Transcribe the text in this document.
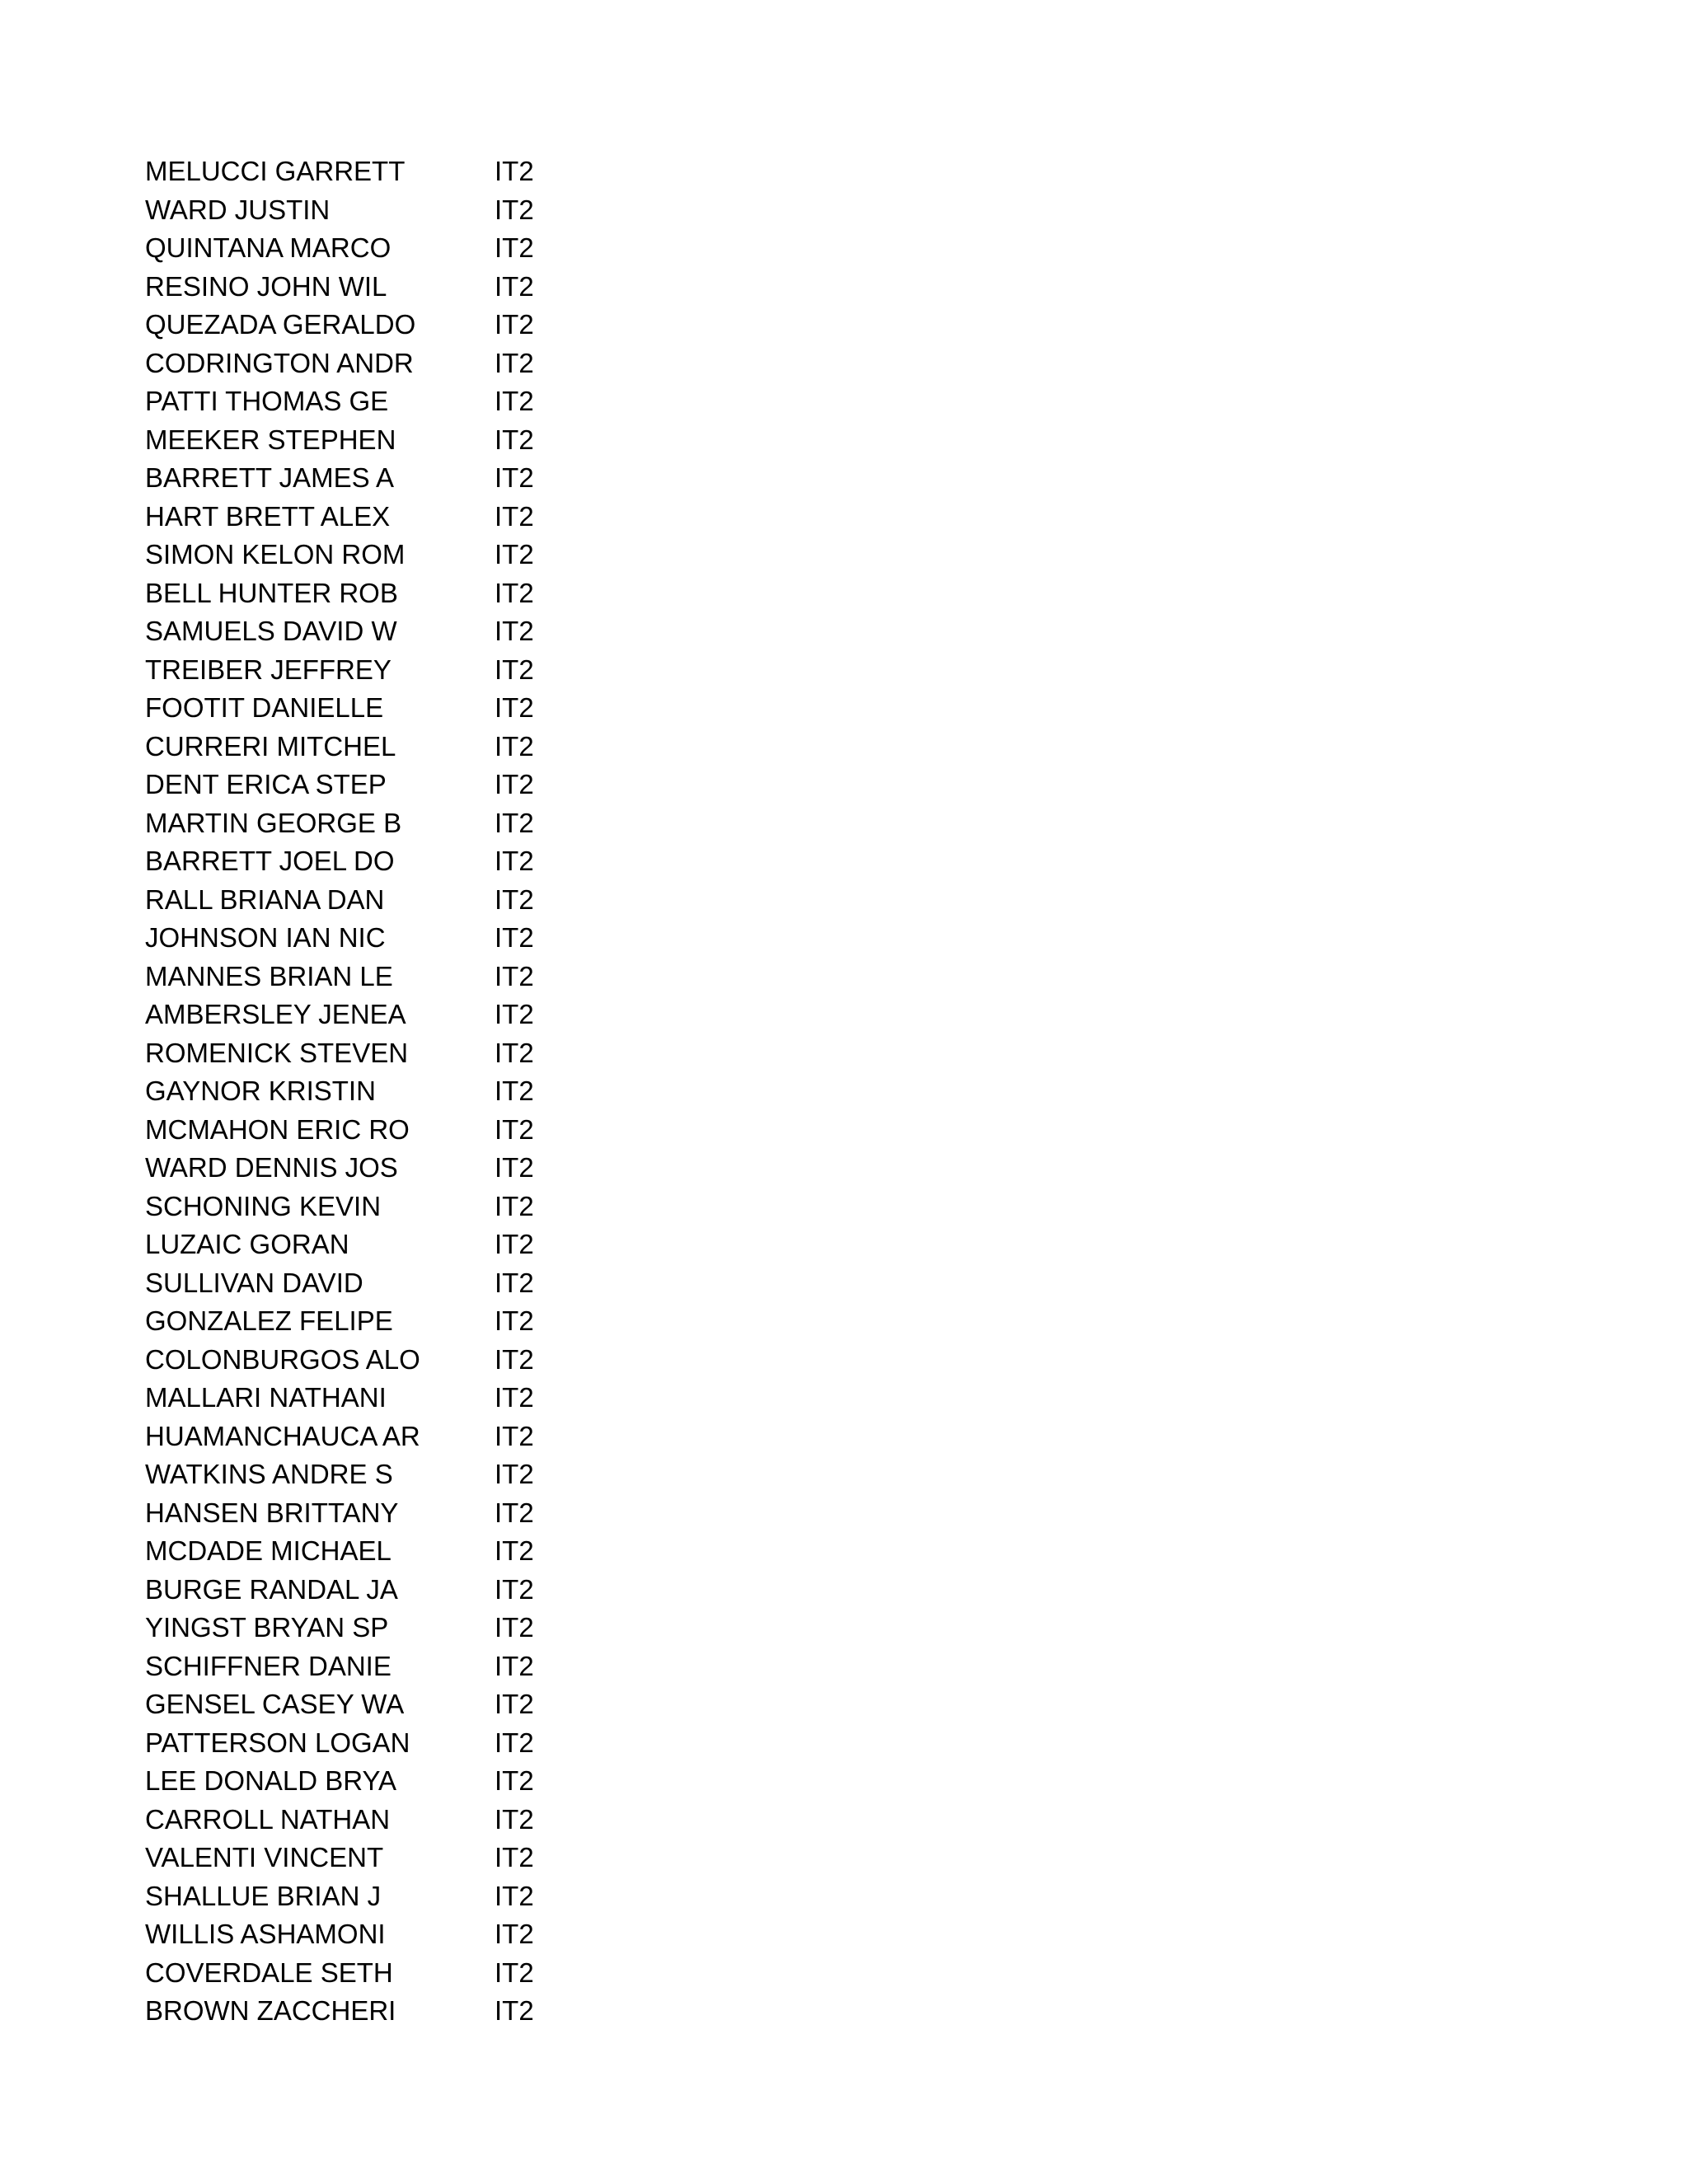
MELUCCI GARRETT	IT2
WARD JUSTIN	IT2
QUINTANA MARCO	IT2
RESINO JOHN WIL	IT2
QUEZADA GERALDO	IT2
CODRINGTON ANDR	IT2
PATTI THOMAS GE	IT2
MEEKER STEPHEN	IT2
BARRETT JAMES A	IT2
HART BRETT ALEX	IT2
SIMON KELON ROM	IT2
BELL HUNTER ROB	IT2
SAMUELS DAVID W	IT2
TREIBER JEFFREY	IT2
FOOTIT DANIELLE	IT2
CURRERI MITCHEL	IT2
DENT ERICA STEP	IT2
MARTIN GEORGE B	IT2
BARRETT JOEL DO	IT2
RALL BRIANA DAN	IT2
JOHNSON IAN NIC	IT2
MANNES BRIAN LE	IT2
AMBERSLEY JENEA	IT2
ROMENICK STEVEN	IT2
GAYNOR KRISTIN	IT2
MCMAHON ERIC RO	IT2
WARD DENNIS JOS	IT2
SCHONING KEVIN	IT2
LUZAIC GORAN	IT2
SULLIVAN DAVID	IT2
GONZALEZ FELIPE	IT2
COLONBURGOS ALO	IT2
MALLARI NATHANI	IT2
HUAMANCHAUCA AR	IT2
WATKINS ANDRE S	IT2
HANSEN BRITTANY	IT2
MCDADE MICHAEL	IT2
BURGE RANDAL JA	IT2
YINGST BRYAN SP	IT2
SCHIFFNER DANIE	IT2
GENSEL CASEY WA	IT2
PATTERSON LOGAN	IT2
LEE DONALD BRYA	IT2
CARROLL NATHAN	IT2
VALENTI VINCENT	IT2
SHALLUE BRIAN J	IT2
WILLIS ASHAMONI	IT2
COVERDALE SETH	IT2
BROWN ZACCHERI	IT2
